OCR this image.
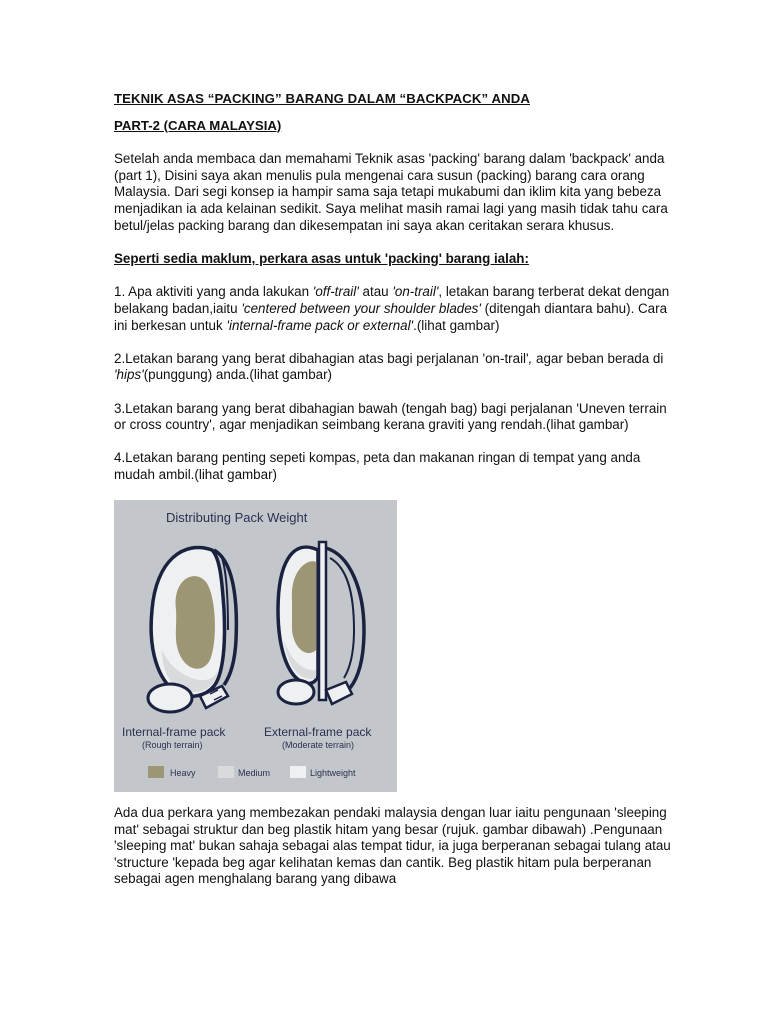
TEKNIK ASAS “PACKING” BARANG DALAM “BACKPACK” ANDA
PART-2 (CARA MALAYSIA)

Setelah anda membaca dan memahami Teknik asas 'packing' barang dalam 'backpack' anda (part 1), Disini saya akan menulis pula mengenai cara susun (packing) barang cara orang Malaysia. Dari segi konsep ia hampir sama saja tetapi mukabumi dan iklim kita yang bebeza menjadikan ia ada kelainan sedikit. Saya melihat masih ramai lagi yang masih tidak tahu cara betul/jelas packing barang dan dikesempatan ini saya akan ceritakan serara khusus.

Seperti sedia maklum, perkara asas untuk 'packing' barang ialah:

1. Apa aktiviti yang anda lakukan 'off-trail' atau 'on-trail', letakan barang terberat dekat dengan belakang badan,iaitu 'centered between your shoulder blades' (ditengah diantara bahu). Cara ini berkesan untuk 'internal-frame pack or external'.(lihat gambar)

2.Letakan barang yang berat dibahagian atas bagi perjalanan 'on-trail', agar beban berada di 'hips'(punggung) anda.(lihat gambar)

3.Letakan barang yang berat dibahagian bawah (tengah bag) bagi perjalanan 'Uneven terrain or cross country', agar menjadikan seimbang kerana graviti yang rendah.(lihat gambar)

4.Letakan barang penting sepeti kompas, peta dan makanan ringan di tempat yang anda mudah ambil.(lihat gambar)

Distributing Pack Weight
Internal-frame pack
(Rough terrain)
External-frame pack
(Moderate terrain)
Heavy	Medium	Lightweight

Ada dua perkara yang membezakan pendaki malaysia dengan luar iaitu pengunaan 'sleeping mat' sebagai struktur dan beg plastik hitam yang besar (rujuk. gambar dibawah) .Pengunaan 'sleeping mat' bukan sahaja sebagai alas tempat tidur, ia juga berperanan sebagai tulang atau 'structure 'kepada beg agar kelihatan kemas dan cantik. Beg plastik hitam pula berperanan sebagai agen menghalang barang yang dibawa
